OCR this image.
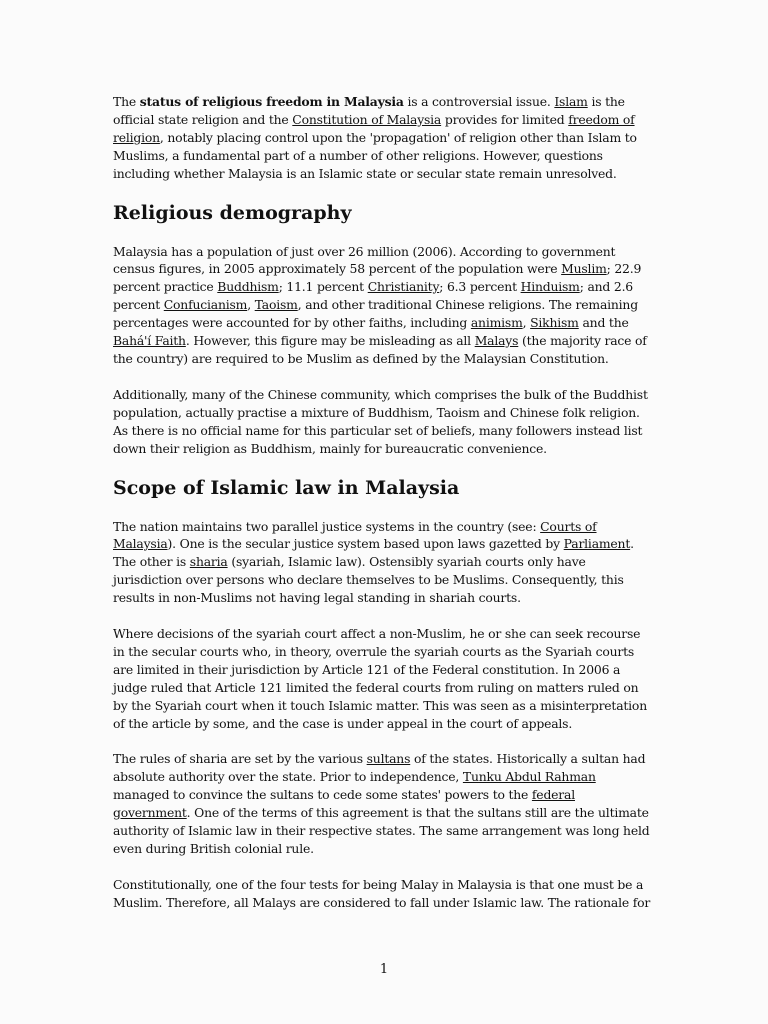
The status of religious freedom in Malaysia is a controversial issue. Islam is the official state religion and the Constitution of Malaysia provides for limited freedom of religion, notably placing control upon the 'propagation' of religion other than Islam to Muslims, a fundamental part of a number of other religions. However, questions including whether Malaysia is an Islamic state or secular state remain unresolved.

Religious demography

Malaysia has a population of just over 26 million (2006). According to government census figures, in 2005 approximately 58 percent of the population were Muslim; 22.9 percent practice Buddhism; 11.1 percent Christianity; 6.3 percent Hinduism; and 2.6 percent Confucianism, Taoism, and other traditional Chinese religions. The remaining percentages were accounted for by other faiths, including animism, Sikhism and the Bahá'í Faith. However, this figure may be misleading as all Malays (the majority race of the country) are required to be Muslim as defined by the Malaysian Constitution.

Additionally, many of the Chinese community, which comprises the bulk of the Buddhist population, actually practise a mixture of Buddhism, Taoism and Chinese folk religion. As there is no official name for this particular set of beliefs, many followers instead list down their religion as Buddhism, mainly for bureaucratic convenience.

Scope of Islamic law in Malaysia

The nation maintains two parallel justice systems in the country (see: Courts of Malaysia). One is the secular justice system based upon laws gazetted by Parliament. The other is sharia (syariah, Islamic law). Ostensibly syariah courts only have jurisdiction over persons who declare themselves to be Muslims. Consequently, this results in non-Muslims not having legal standing in shariah courts.

Where decisions of the syariah court affect a non-Muslim, he or she can seek recourse in the secular courts who, in theory, overrule the syariah courts as the Syariah courts are limited in their jurisdiction by Article 121 of the Federal constitution. In 2006 a judge ruled that Article 121 limited the federal courts from ruling on matters ruled on by the Syariah court when it touch Islamic matter. This was seen as a misinterpretation of the article by some, and the case is under appeal in the court of appeals.

The rules of sharia are set by the various sultans of the states. Historically a sultan had absolute authority over the state. Prior to independence, Tunku Abdul Rahman managed to convince the sultans to cede some states' powers to the federal government. One of the terms of this agreement is that the sultans still are the ultimate authority of Islamic law in their respective states. The same arrangement was long held even during British colonial rule.

Constitutionally, one of the four tests for being Malay in Malaysia is that one must be a Muslim. Therefore, all Malays are considered to fall under Islamic law. The rationale for

1
